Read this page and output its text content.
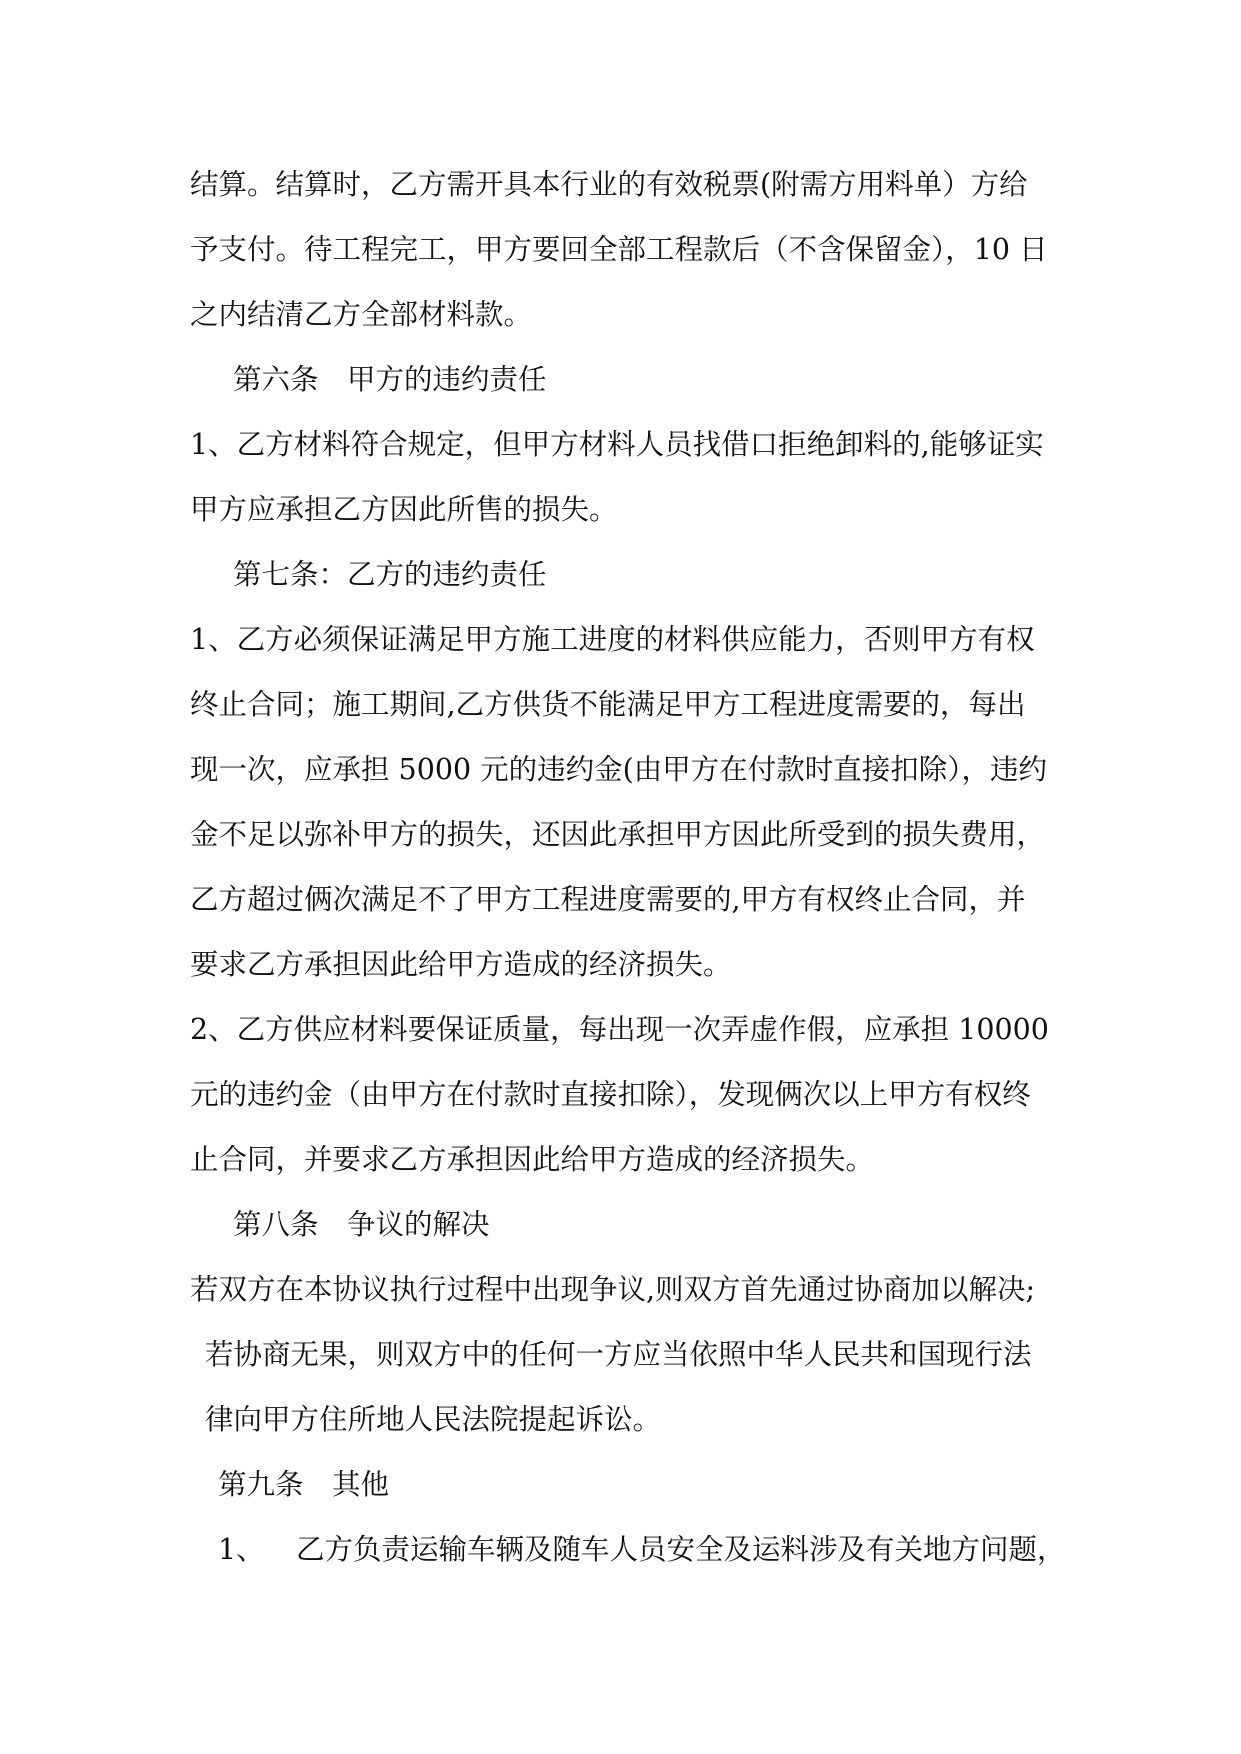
结算。结算时，乙方需开具本行业的有效税票(附需方用料单）方给

予支付。待工程完工，甲方要回全部工程款后（不含保留金），10 日

之内结清乙方全部材料款。

第六条　甲方的违约责任

1、乙方材料符合规定，但甲方材料人员找借口拒绝卸料的,能够证实

甲方应承担乙方因此所售的损失。

第七条：乙方的违约责任

1、乙方必须保证满足甲方施工进度的材料供应能力，否则甲方有权

终止合同；施工期间,乙方供货不能满足甲方工程进度需要的，每出

现一次，应承担 5000 元的违约金(由甲方在付款时直接扣除），违约

金不足以弥补甲方的损失，还因此承担甲方因此所受到的损失费用，

乙方超过俩次满足不了甲方工程进度需要的,甲方有权终止合同，并

要求乙方承担因此给甲方造成的经济损失。

2、乙方供应材料要保证质量，每出现一次弄虚作假，应承担 10000

元的违约金（由甲方在付款时直接扣除），发现俩次以上甲方有权终

止合同，并要求乙方承担因此给甲方造成的经济损失。

第八条　争议的解决

若双方在本协议执行过程中出现争议,则双方首先通过协商加以解决;

若协商无果，则双方中的任何一方应当依照中华人民共和国现行法

律向甲方住所地人民法院提起诉讼。

第九条　其他

1、 乙方负责运输车辆及随车人员安全及运料涉及有关地方问题，
